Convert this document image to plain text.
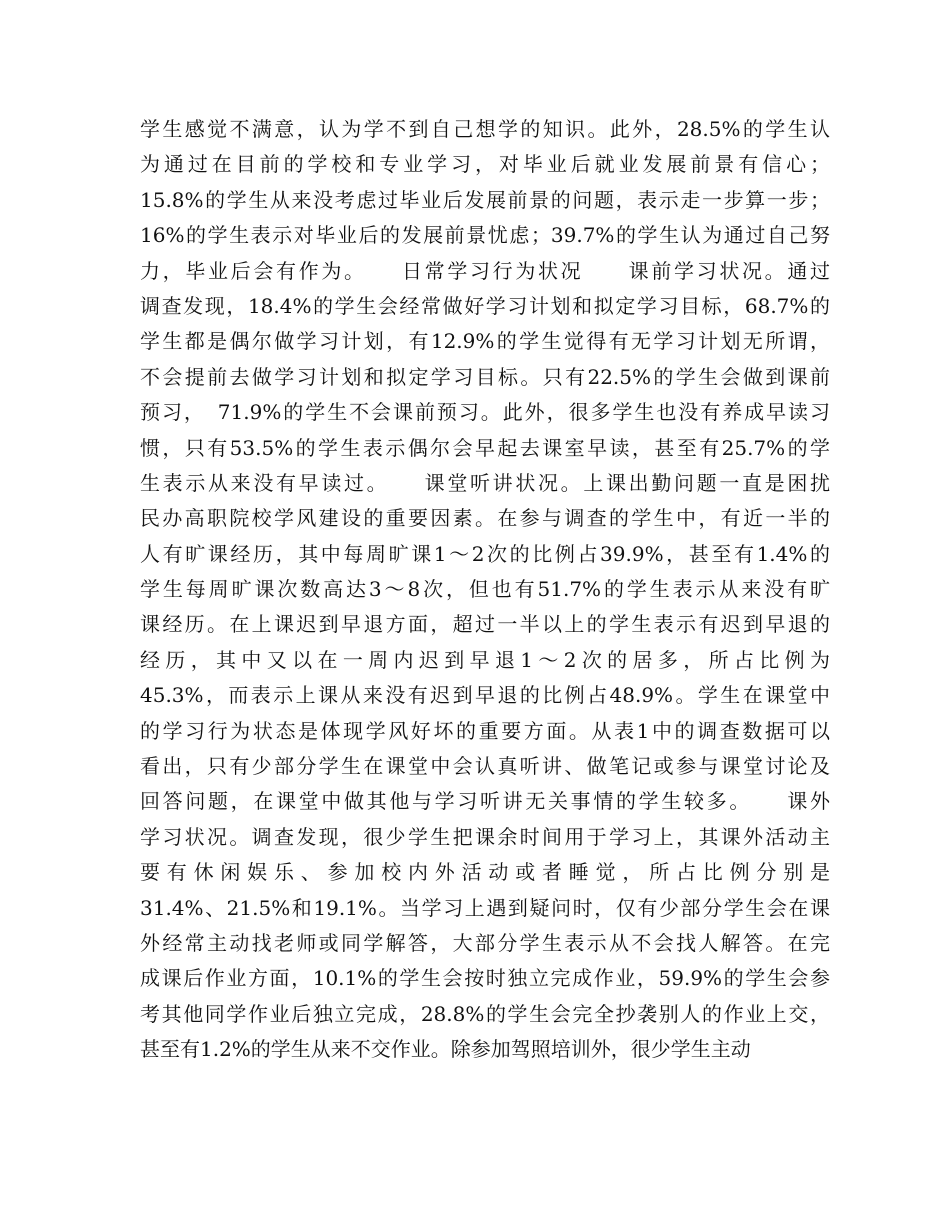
学生感觉不满意，认为学不到自己想学的知识。此外，28.5%的学生认
为通过在目前的学校和专业学习，对毕业后就业发展前景有信心；
15.8%的学生从来没考虑过毕业后发展前景的问题，表示走一步算一步；
16%的学生表示对毕业后的发展前景忧虑；39.7%的学生认为通过自己努
力，毕业后会有作为。　　日常学习行为状况　　课前学习状况。通过
调查发现，18.4%的学生会经常做好学习计划和拟定学习目标，68.7%的
学生都是偶尔做学习计划，有12.9%的学生觉得有无学习计划无所谓，
不会提前去做学习计划和拟定学习目标。只有22.5%的学生会做到课前
预习，　71.9%的学生不会课前预习。此外，很多学生也没有养成早读习
惯，只有53.5%的学生表示偶尔会早起去课室早读，甚至有25.7%的学
生表示从来没有早读过。　　课堂听讲状况。上课出勤问题一直是困扰
民办高职院校学风建设的重要因素。在参与调查的学生中，有近一半的
人有旷课经历，其中每周旷课1～2次的比例占39.9%，甚至有1.4%的
学生每周旷课次数高达3～8次，但也有51.7%的学生表示从来没有旷
课经历。在上课迟到早退方面，超过一半以上的学生表示有迟到早退的
经历，其中又以在一周内迟到早退1～2次的居多，所占比例为
45.3%，而表示上课从来没有迟到早退的比例占48.9%。学生在课堂中
的学习行为状态是体现学风好坏的重要方面。从表1中的调查数据可以
看出，只有少部分学生在课堂中会认真听讲、做笔记或参与课堂讨论及
回答问题，在课堂中做其他与学习听讲无关事情的学生较多。　　课外
学习状况。调查发现，很少学生把课余时间用于学习上，其课外活动主
要有休闲娱乐、参加校内外活动或者睡觉，所占比例分别是
31.4%、21.5%和19.1%。当学习上遇到疑问时，仅有少部分学生会在课
外经常主动找老师或同学解答，大部分学生表示从不会找人解答。在完
成课后作业方面，10.1%的学生会按时独立完成作业，59.9%的学生会参
考其他同学作业后独立完成，28.8%的学生会完全抄袭别人的作业上交，
甚至有1.2%的学生从来不交作业。除参加驾照培训外，很少学生主动
